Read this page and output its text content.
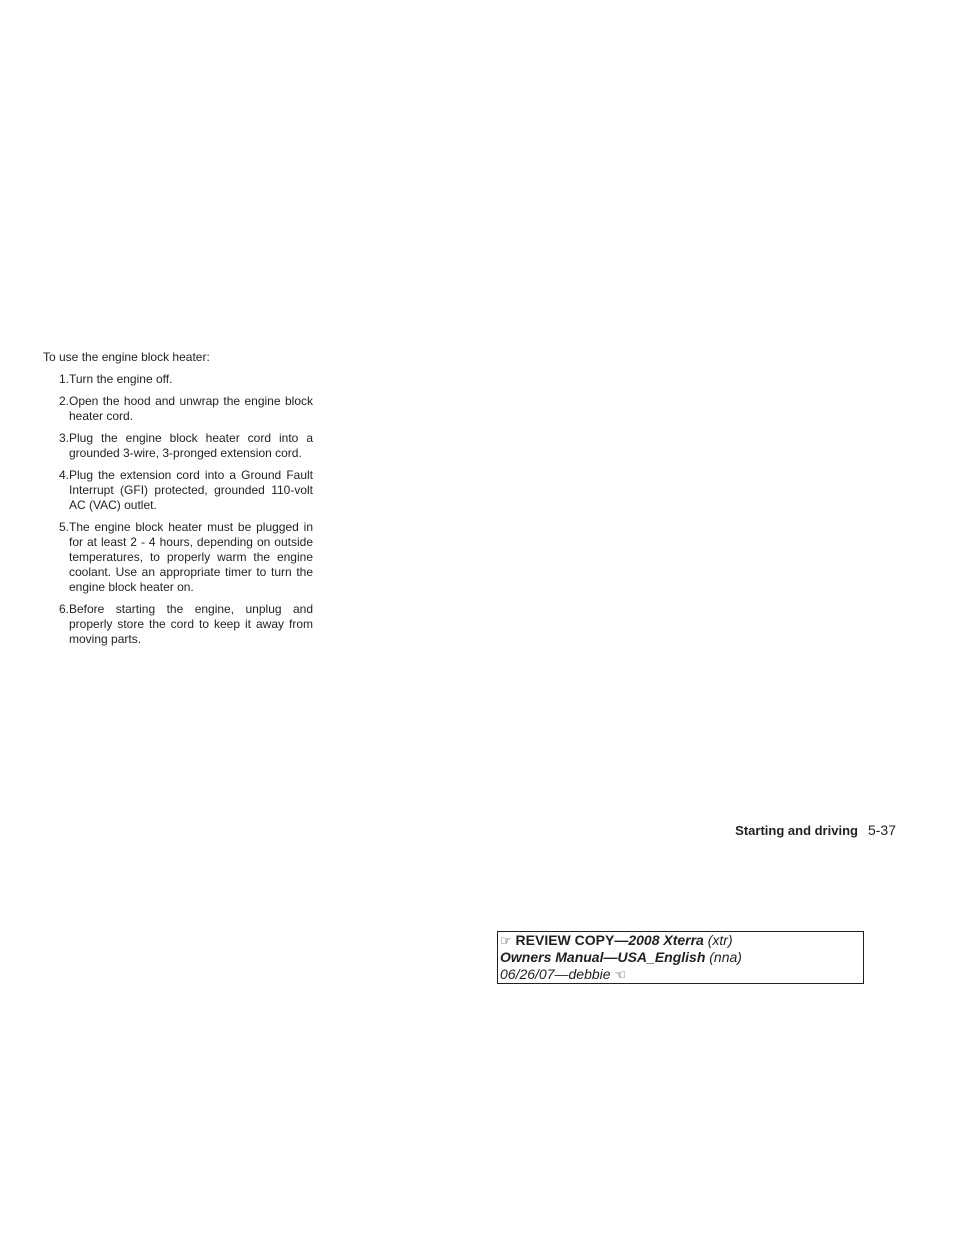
To use the engine block heater:

1. Turn the engine off.
2. Open the hood and unwrap the engine block heater cord.
3. Plug the engine block heater cord into a grounded 3-wire, 3-pronged extension cord.
4. Plug the extension cord into a Ground Fault Interrupt (GFI) protected, grounded 110-volt AC (VAC) outlet.
5. The engine block heater must be plugged in for at least 2 - 4 hours, depending on outside temperatures, to properly warm the engine coolant. Use an appropriate timer to turn the engine block heater on.
6. Before starting the engine, unplug and properly store the cord to keep it away from moving parts.
Starting and driving 5-37
☞ REVIEW COPY—2008 Xterra (xtr)
Owners Manual—USA_English (nna)
06/26/07—debbie ☜
